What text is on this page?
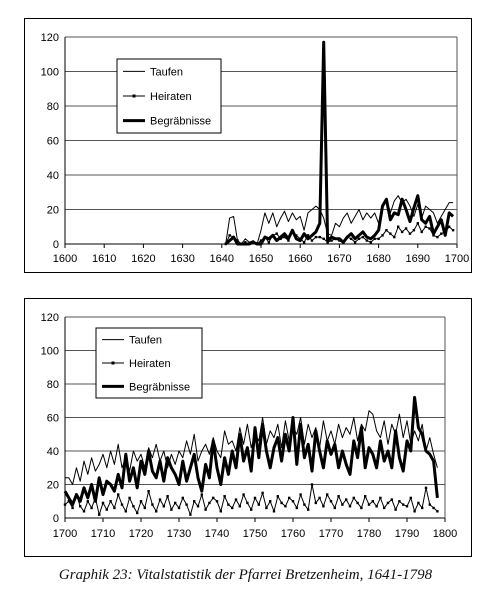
0
20
40
60
80
100
120
1600 1610 1620 1630 1640 1650 1660 1670 1680 1690 1700
Taufen
Heiraten
Begräbnisse
0
20
40
60
80
100
120
1700 1710 1720 1730 1740 1750 1760 1770 1780 1790 1800
Taufen
Heiraten
Begräbnisse
Graphik 23: Vitalstatistik der Pfarrei Bretzenheim, 1641-1798
